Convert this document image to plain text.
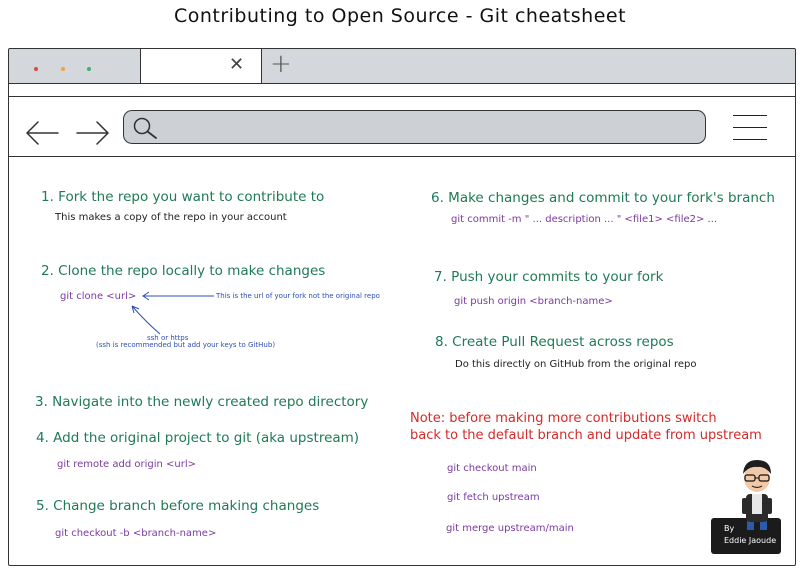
Contributing to Open Source - Git cheatsheet
✕ +
1. Fork the repo you want to contribute to
This makes a copy of the repo in your account
2. Clone the repo locally to make changes
git clone <url>	This is the url of your fork not the original repo
ssh or https
(ssh is recommended but add your keys to GitHub)
3. Navigate into the newly created repo directory
4. Add the original project to git (aka upstream)
git remote add origin <url>
5. Change branch before making changes
git checkout -b <branch-name>
6. Make changes and commit to your fork's branch
git commit -m " ... description ... " <file1> <file2> ...
7. Push your commits to your fork
git push origin <branch-name>
8. Create Pull Request across repos
Do this directly on GitHub from the original repo
Note: before making more contributions switch
back to the default branch and update from upstream
git checkout main
git fetch upstream
git merge upstream/main	By
Eddie Jaoude
